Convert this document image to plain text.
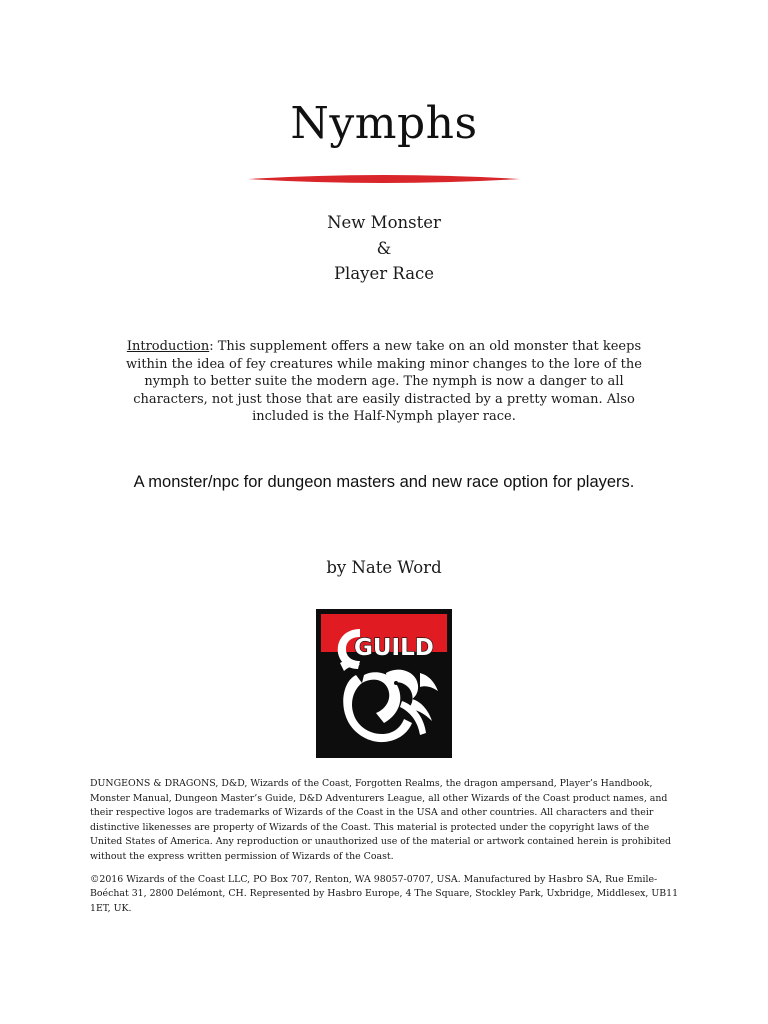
Nymphs
New Monster
&
Player Race
Introduction: This supplement offers a new take on an old monster that keeps within the idea of fey creatures while making minor changes to the lore of the nymph to better suite the modern age. The nymph is now a danger to all characters, not just those that are easily distracted by a pretty woman. Also included is the Half-Nymph player race.
A monster/npc for dungeon masters and new race option for players.
by Nate Word
GUILD

DUNGEONS & DRAGONS, D&D, Wizards of the Coast, Forgotten Realms, the dragon ampersand, Player’s Handbook, Monster Manual, Dungeon Master’s Guide, D&D Adventurers League, all other Wizards of the Coast product names, and their respective logos are trademarks of Wizards of the Coast in the USA and other countries. All characters and their distinctive likenesses are property of Wizards of the Coast. This material is protected under the copyright laws of the United States of America. Any reproduction or unauthorized use of the material or artwork contained herein is prohibited without the express written permission of Wizards of the Coast.

©2016 Wizards of the Coast LLC, PO Box 707, Renton, WA 98057-0707, USA. Manufactured by Hasbro SA, Rue Emile-Boéchat 31, 2800 Delémont, CH. Represented by Hasbro Europe, 4 The Square, Stockley Park, Uxbridge, Middlesex, UB11 1ET, UK.
